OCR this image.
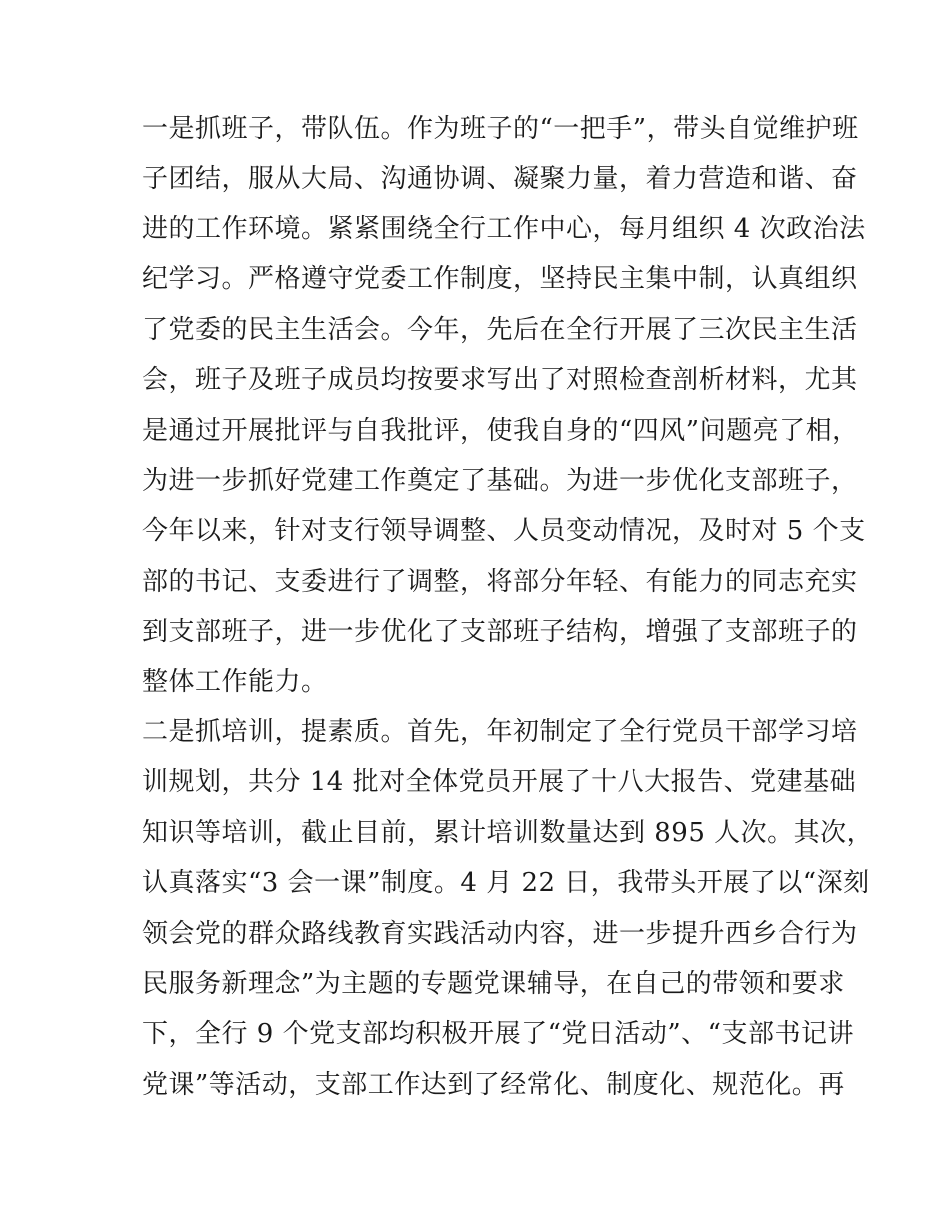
一是抓班子，带队伍。作为班子的“一把手”，带头自觉维护班
子团结，服从大局、沟通协调、凝聚力量，着力营造和谐、奋
进的工作环境。紧紧围绕全行工作中心，每月组织 4 次政治法
纪学习。严格遵守党委工作制度，坚持民主集中制，认真组织
了党委的民主生活会。今年，先后在全行开展了三次民主生活
会，班子及班子成员均按要求写出了对照检查剖析材料，尤其
是通过开展批评与自我批评，使我自身的“四风”问题亮了相，
为进一步抓好党建工作奠定了基础。为进一步优化支部班子，
今年以来，针对支行领导调整、人员变动情况，及时对 5 个支
部的书记、支委进行了调整，将部分年轻、有能力的同志充实
到支部班子，进一步优化了支部班子结构，增强了支部班子的
整体工作能力。
二是抓培训，提素质。首先，年初制定了全行党员干部学习培
训规划，共分 14 批对全体党员开展了十八大报告、党建基础
知识等培训，截止目前，累计培训数量达到 895 人次。其次，
认真落实“3 会一课”制度。4 月 22 日，我带头开展了以“深刻
领会党的群众路线教育实践活动内容，进一步提升西乡合行为
民服务新理念”为主题的专题党课辅导，在自己的带领和要求
下，全行 9 个党支部均积极开展了“党日活动”、“支部书记讲
党课”等活动，支部工作达到了经常化、制度化、规范化。再
